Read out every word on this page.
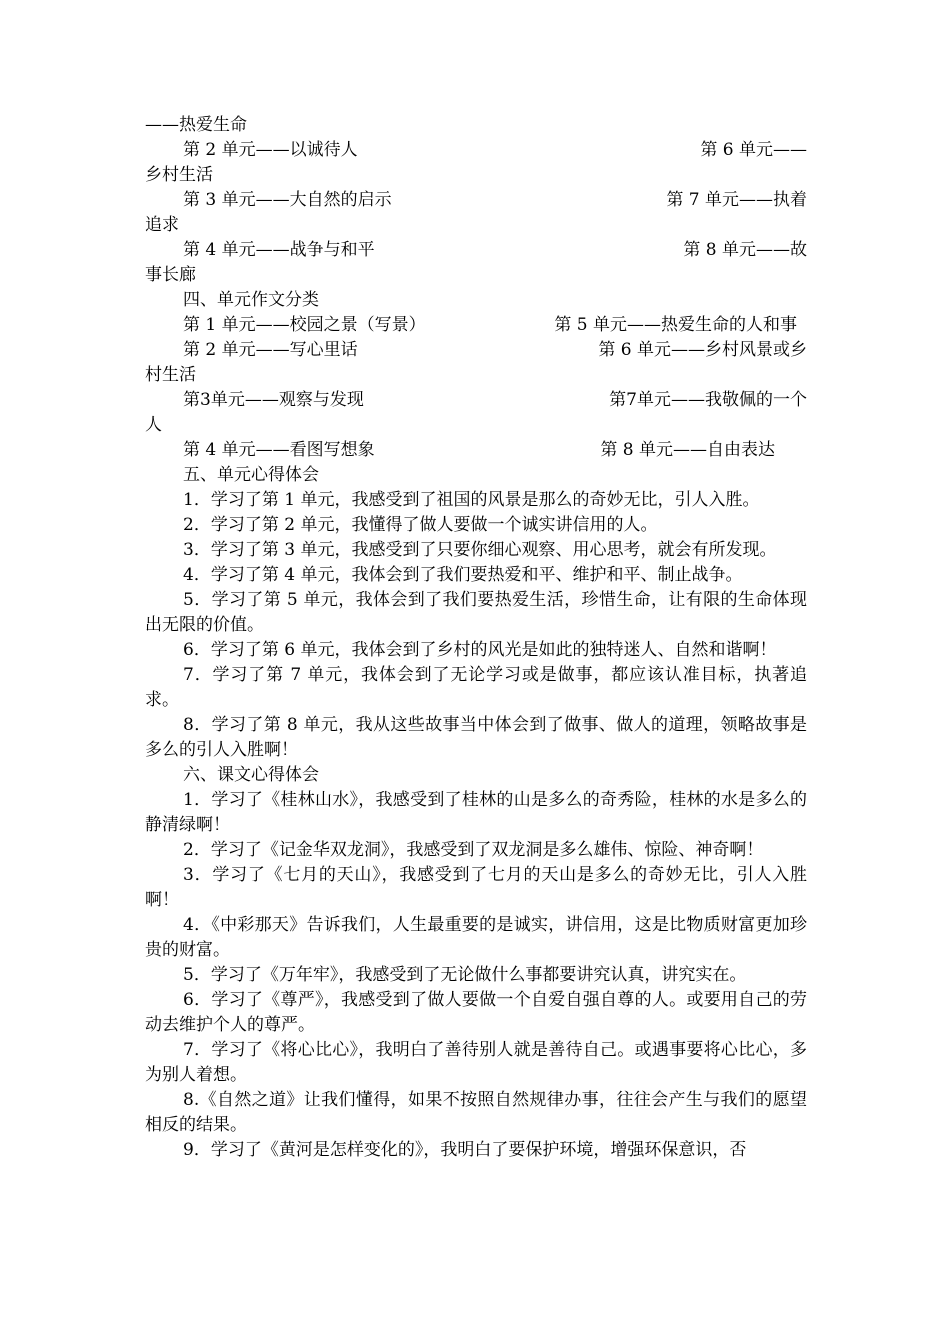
——热爱生命
第 2 单元——以诚待人	第 6 单元——
乡村生活
第 3 单元——大自然的启示	第 7 单元——执着
追求
第 4 单元——战争与和平	第 8 单元——故
事长廊
四、单元作文分类
第 1 单元——校园之景（写景）	第 5 单元——热爱生命的人和事
第 2 单元——写心里话	第 6 单元——乡村风景或乡
村生活
第3单元——观察与发现	第7单元——我敬佩的一个
人
第 4 单元——看图写想象	第 8 单元——自由表达
五、单元心得体会
1．学习了第 1 单元，我感受到了祖国的风景是那么的奇妙无比，引人入胜。
2．学习了第 2 单元，我懂得了做人要做一个诚实讲信用的人。
3．学习了第 3 单元，我感受到了只要你细心观察、用心思考，就会有所发现。
4．学习了第 4 单元，我体会到了我们要热爱和平、维护和平、制止战争。
5．学习了第 5 单元，我体会到了我们要热爱生活，珍惜生命，让有限的生命体现出无限的价值。
6．学习了第 6 单元，我体会到了乡村的风光是如此的独特迷人、自然和谐啊！
7．学习了第 7 单元，我体会到了无论学习或是做事，都应该认准目标，执著追求。
8．学习了第 8 单元，我从这些故事当中体会到了做事、做人的道理，领略故事是多么的引人入胜啊！
六、课文心得体会
1．学习了《桂林山水》，我感受到了桂林的山是多么的奇秀险，桂林的水是多么的静清绿啊！
2．学习了《记金华双龙洞》，我感受到了双龙洞是多么雄伟、惊险、神奇啊！
3．学习了《七月的天山》，我感受到了七月的天山是多么的奇妙无比，引人入胜啊！
4．《中彩那天》告诉我们，人生最重要的是诚实，讲信用，这是比物质财富更加珍贵的财富。
5．学习了《万年牢》，我感受到了无论做什么事都要讲究认真，讲究实在。
6．学习了《尊严》，我感受到了做人要做一个自爱自强自尊的人。或要用自己的劳动去维护个人的尊严。
7．学习了《将心比心》，我明白了善待别人就是善待自己。或遇事要将心比心，多为别人着想。
8.《自然之道》让我们懂得，如果不按照自然规律办事，往往会产生与我们的愿望相反的结果。
9．学习了《黄河是怎样变化的》，我明白了要保护环境，增强环保意识，否
